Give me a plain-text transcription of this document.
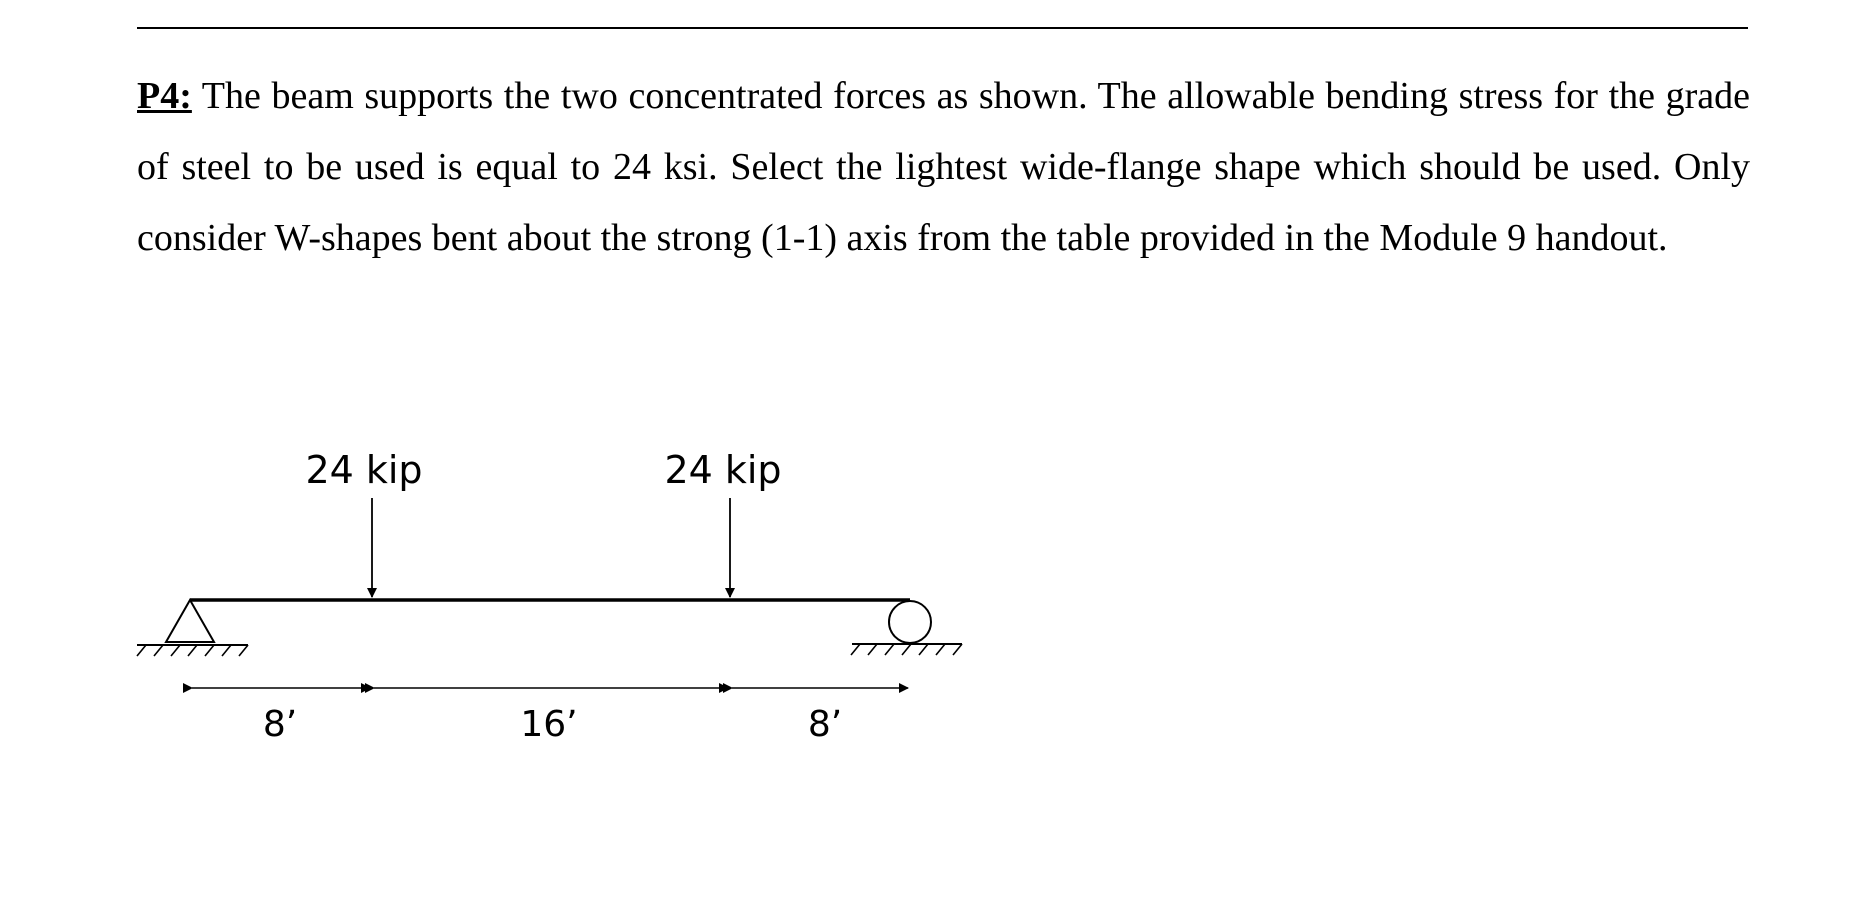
P4: The beam supports the two concentrated forces as shown. The allowable bending stress for the grade of steel to be used is equal to 24 ksi. Select the lightest wide-flange shape which should be used. Only consider W-shapes bent about the strong (1-1) axis from the table provided in the Module 9 handout.

24 kip	24 kip
8’	16’	8’
